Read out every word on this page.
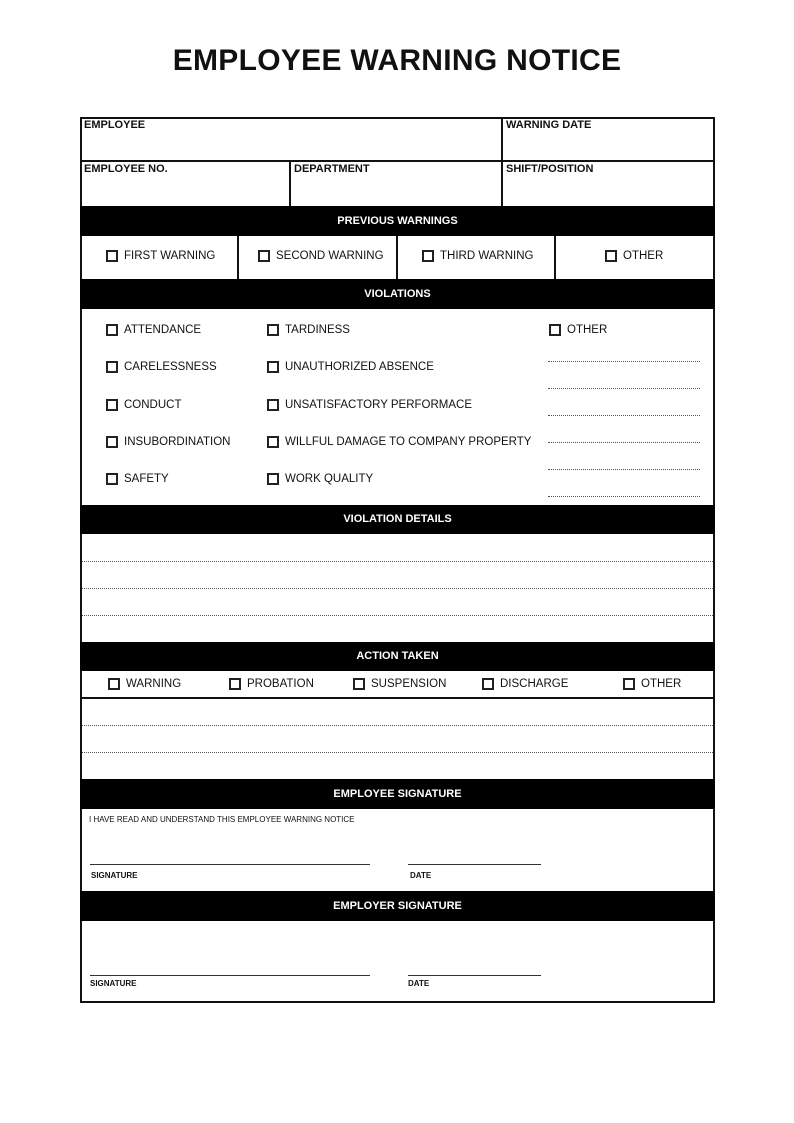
EMPLOYEE WARNING NOTICE
EMPLOYEE	WARNING DATE
EMPLOYEE NO.	DEPARTMENT	SHIFT/POSITION
PREVIOUS WARNINGS
FIRST WARNING	SECOND WARNING	THIRD WARNING	OTHER
VIOLATIONS
ATTENDANCE
CARELESSNESS
CONDUCT
INSUBORDINATION
SAFETY
TARDINESS
UNAUTHORIZED ABSENCE
UNSATISFACTORY PERFORMACE
WILLFUL DAMAGE TO COMPANY PROPERTY
WORK QUALITY
OTHER
VIOLATION DETAILS
ACTION TAKEN
WARNING	PROBATION	SUSPENSION	DISCHARGE	OTHER
EMPLOYEE SIGNATURE
I HAVE READ AND UNDERSTAND THIS EMPLOYEE WARNING NOTICE
SIGNATURE	DATE
EMPLOYER SIGNATURE
SIGNATURE	DATE
